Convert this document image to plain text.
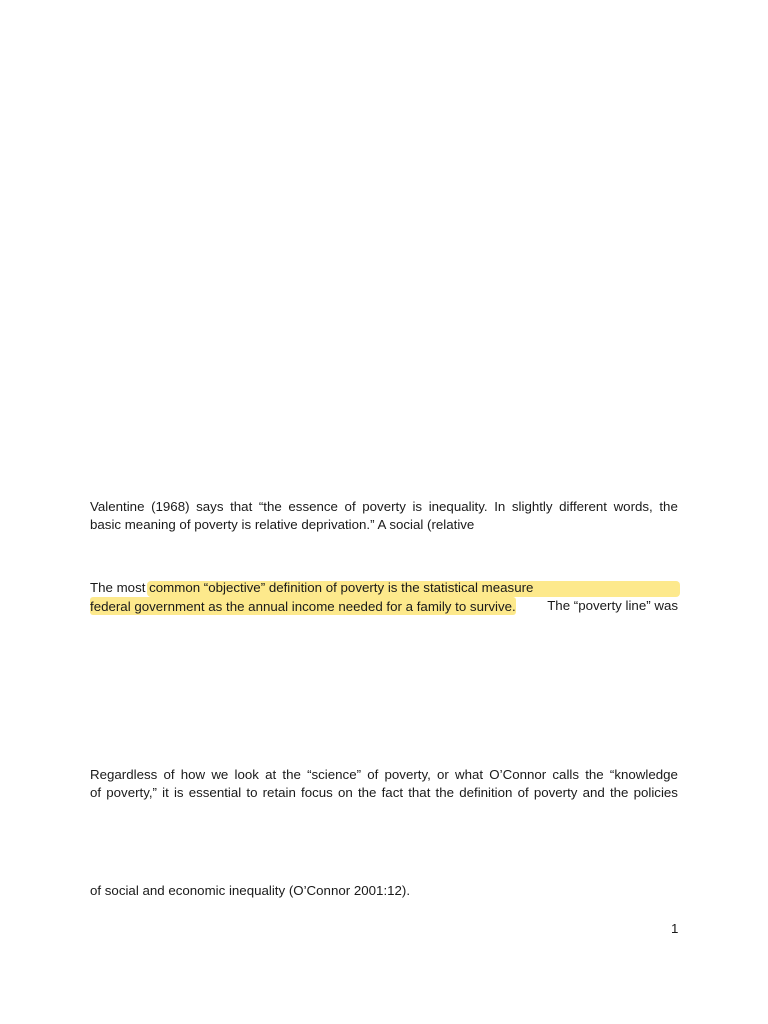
Valentine (1968) says that “the essence of poverty is inequality. In slightly different words, the
basic meaning of poverty is relative deprivation.” A social (relative
The most common “objective” definition of poverty is the statistical measure
federal government as the annual income needed for a family to survive. The “poverty line” was
Regardless of how we look at the “science” of poverty, or what O’Connor calls the “knowledge
of poverty,” it is essential to retain focus on the fact that the definition of poverty and the policies
of social and economic inequality (O’Connor 2001:12).
1
